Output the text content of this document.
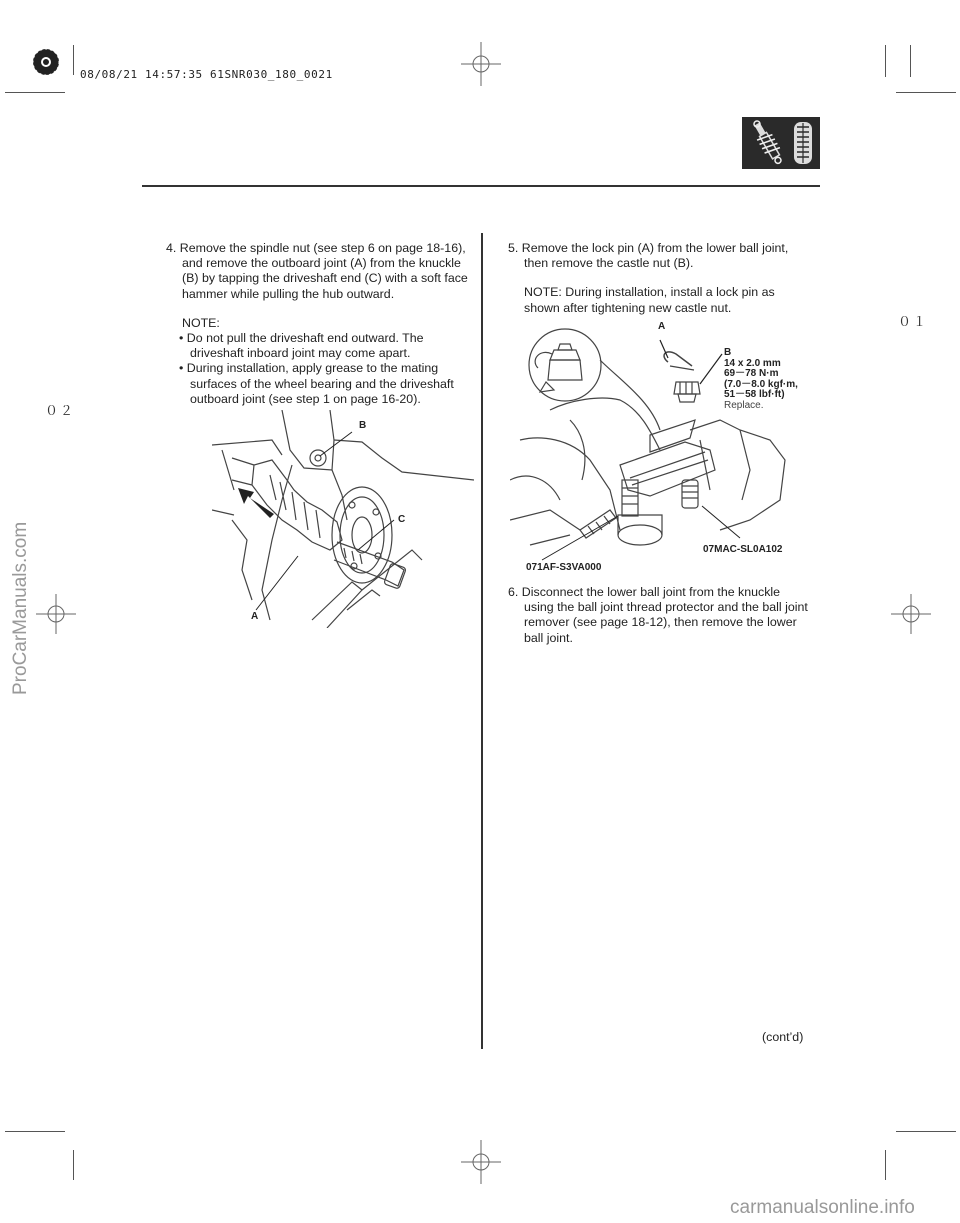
08/08/21 14:57:35 61SNR030_180_0021
０１
０２

4. Remove the spindle nut (see step 6 on page 18-16), and remove the outboard joint (A) from the knuckle (B) by tapping the driveshaft end (C) with a soft face hammer while pulling the hub outward.

NOTE:

• Do not pull the driveshaft end outward. The driveshaft inboard joint may come apart.

• During installation, apply grease to the mating surfaces of the wheel bearing and the driveshaft outboard joint (see step 1 on page 16-20).

B
C
A

5. Remove the lock pin (A) from the lower ball joint, then remove the castle nut (B).

NOTE: During installation, install a lock pin as shown after tightening new castle nut.

A
B
14 x 2.0 mm
69－78 N·m
(7.0－8.0 kgf·m,
51－58 lbf·ft)
Replace.
07MAC-SL0A102
071AF-S3VA000

6. Disconnect the lower ball joint from the knuckle using the ball joint thread protector and the ball joint remover (see page 18-12), then remove the lower ball joint.

(cont’d)
ProCarManuals.com
carmanualsonline.info
